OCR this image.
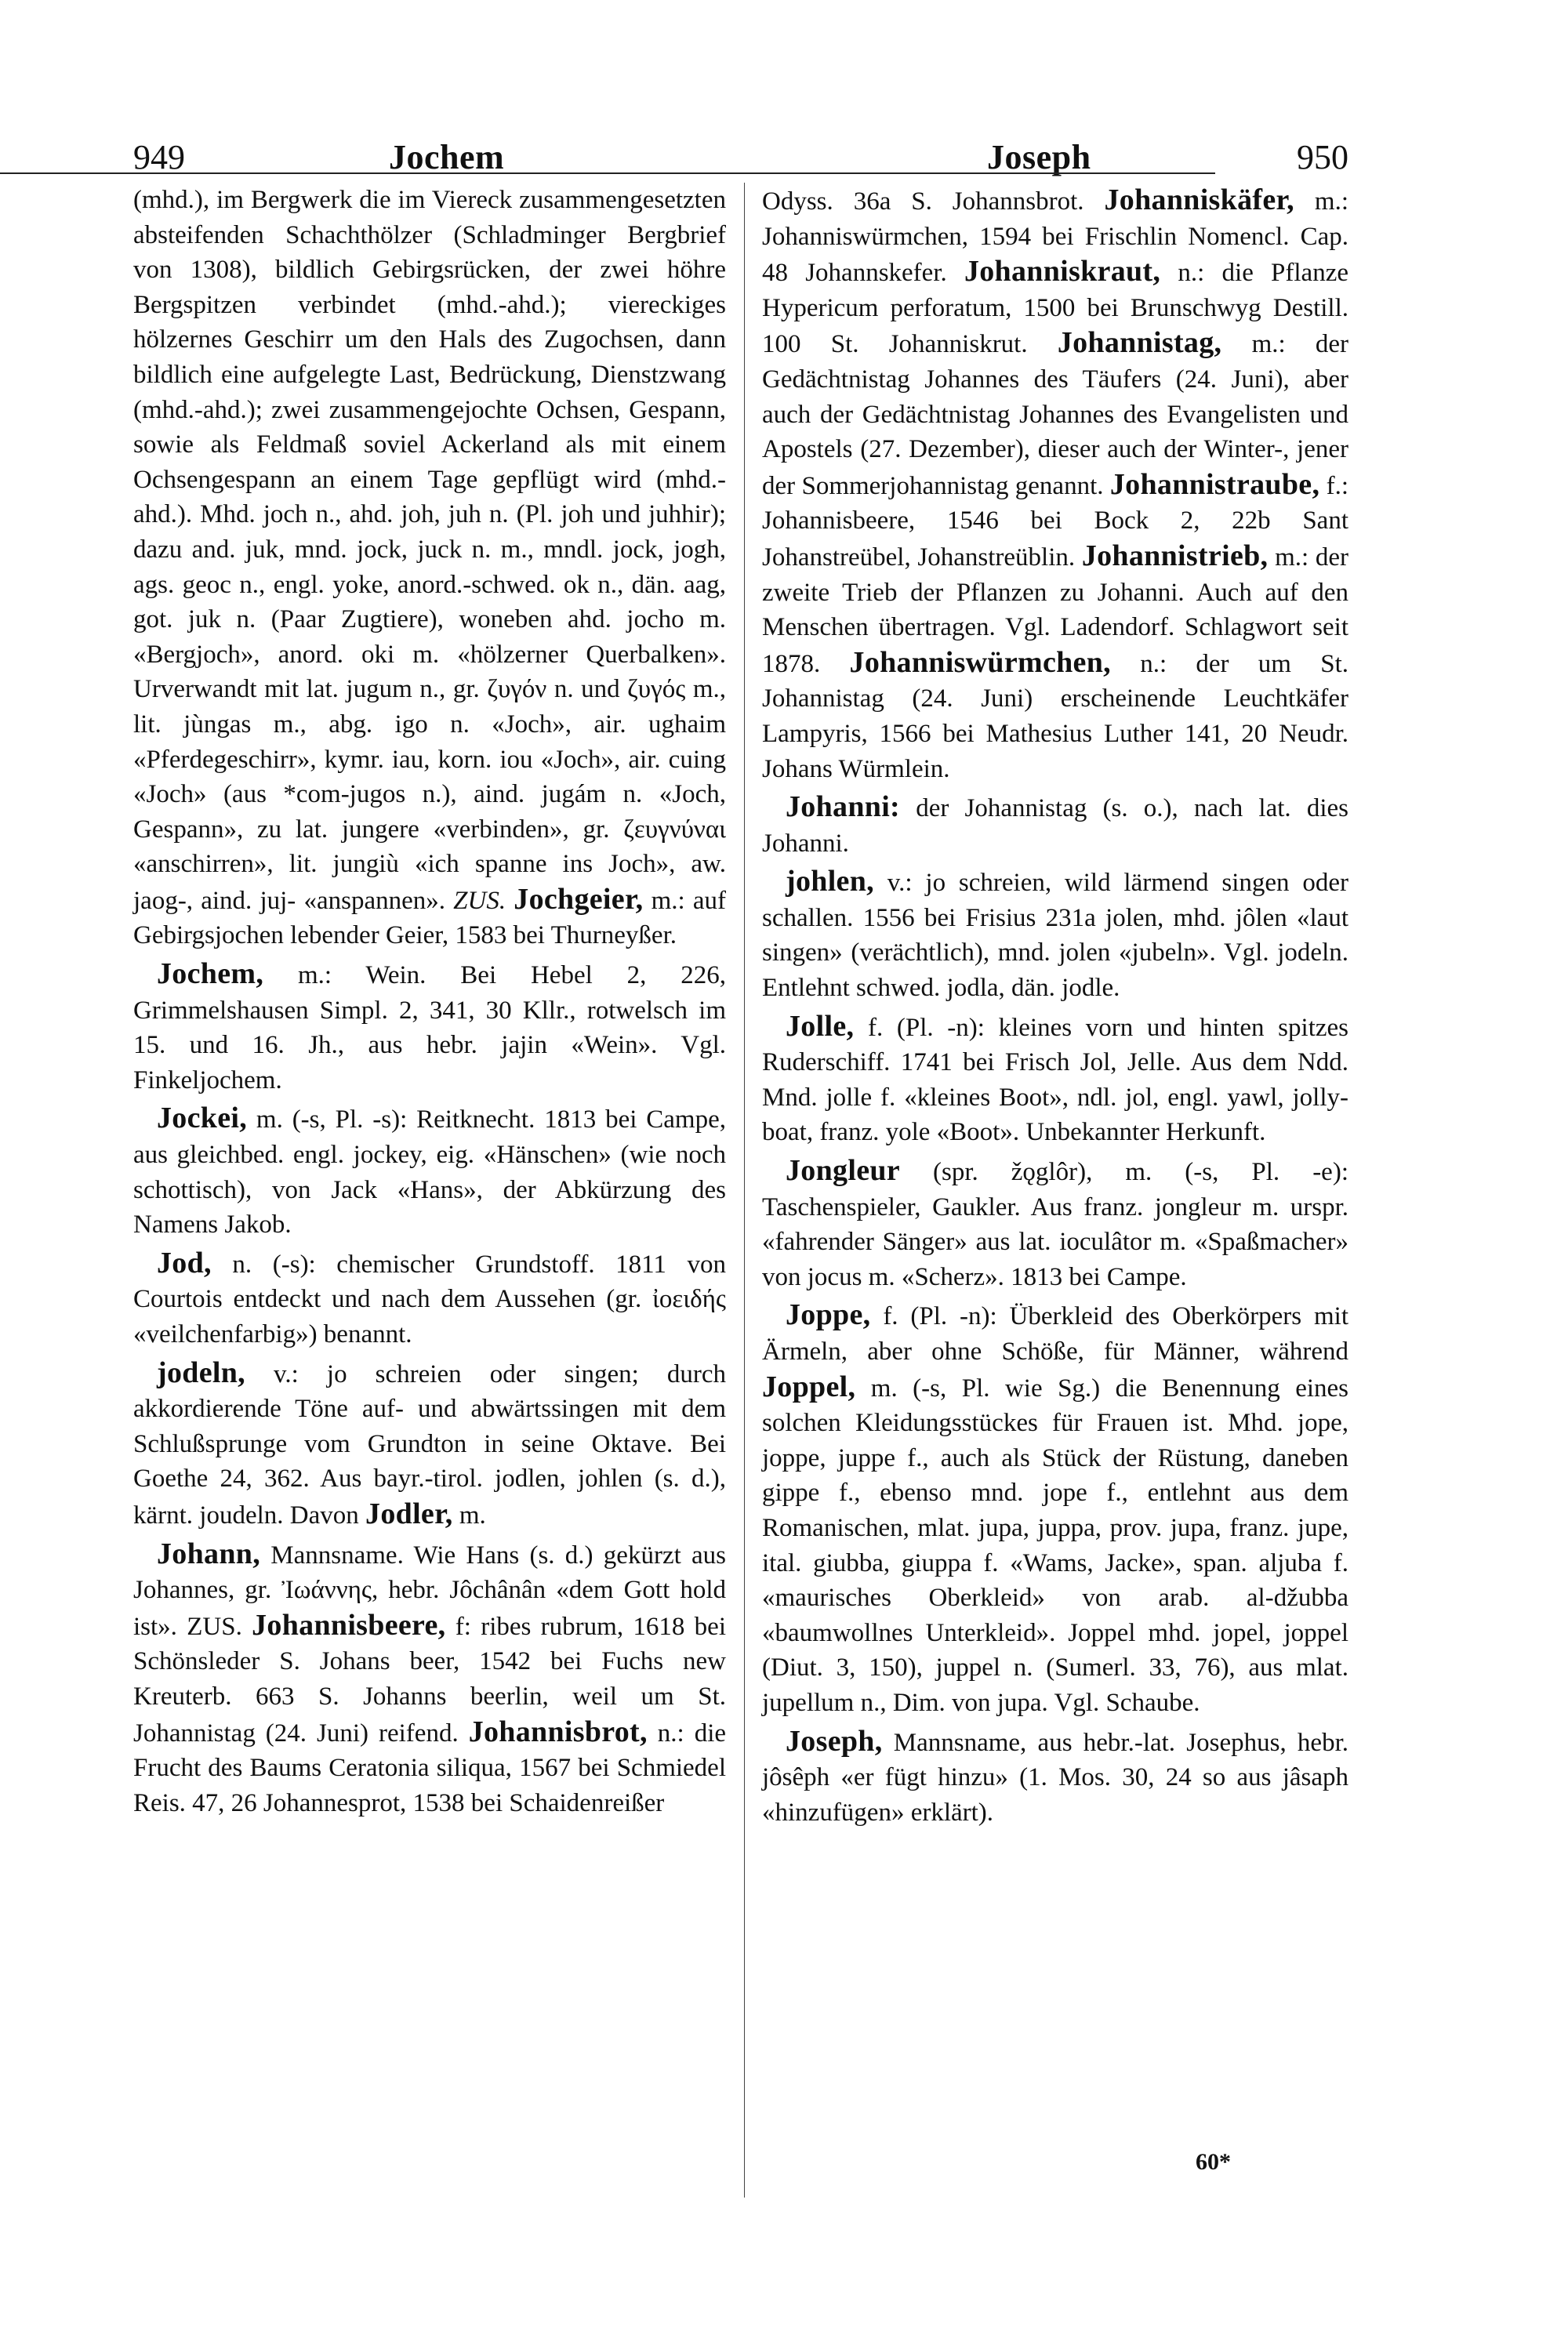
949	Jochem	Joseph	950

(mhd.), im Bergwerk die im Viereck zusammengesetzten absteifenden Schachthölzer (Schladminger Bergbrief von 1308), bildlich Gebirgsrücken, der zwei höhre Bergspitzen verbindet (mhd.-ahd.); viereckiges hölzernes Geschirr um den Hals des Zugochsen, dann bildlich eine aufgelegte Last, Bedrückung, Dienstzwang (mhd.-ahd.); zwei zusammengejochte Ochsen, Gespann, sowie als Feldmaß soviel Ackerland als mit einem Ochsengespann an einem Tage gepflügt wird (mhd.-ahd.). Mhd. joch n., ahd. joh, juh n. (Pl. joh und juhhir); dazu and. juk, mnd. jock, juck n. m., mndl. jock, jogh, ags. geoc n., engl. yoke, anord.-schwed. ok n., dän. aag, got. juk n. (Paar Zugtiere), woneben ahd. jocho m. «Bergjoch», anord. oki m. «hölzerner Querbalken». Urverwandt mit lat. jugum n., gr. ζυγόν n. und ζυγός m., lit. jùngas m., abg. igo n. «Joch», air. ughaim «Pferdegeschirr», kymr. iau, korn. iou «Joch», air. cuing «Joch» (aus *com-jugos n.), aind. jugám n. «Joch, Gespann», zu lat. jungere «verbinden», gr. ζευγνύναι «anschirren», lit. jungiù «ich spanne ins Joch», aw. jaog-, aind. juj- «anspannen». ZUS. Jochgeier, m.: auf Gebirgsjochen lebender Geier, 1583 bei Thurneyßer.

Jochem, m.: Wein. Bei Hebel 2, 226, Grimmelshausen Simpl. 2, 341, 30 Kllr., rotwelsch im 15. und 16. Jh., aus hebr. jajin «Wein». Vgl. Finkeljochem.

Jockei, m. (-s, Pl. -s): Reitknecht. 1813 bei Campe, aus gleichbed. engl. jockey, eig. «Hänschen» (wie noch schottisch), von Jack «Hans», der Abkürzung des Namens Jakob.

Jod, n. (-s): chemischer Grundstoff. 1811 von Courtois entdeckt und nach dem Aussehen (gr. ἰοειδής «veilchenfarbig») benannt.

jodeln, v.: jo schreien oder singen; durch akkordierende Töne auf- und abwärtssingen mit dem Schlußsprunge vom Grundton in seine Oktave. Bei Goethe 24, 362. Aus bayr.-tirol. jodlen, johlen (s. d.), kärnt. joudeln. Davon Jodler, m.

Johann, Mannsname. Wie Hans (s. d.) gekürzt aus Johannes, gr. Ἰωάννης, hebr. Jôchânân «dem Gott hold ist». ZUS. Johannisbeere, f: ribes rubrum, 1618 bei Schönsleder S. Johans beer, 1542 bei Fuchs new Kreuterb. 663 S. Johanns beerlin, weil um St. Johannistag (24. Juni) reifend. Johannisbrot, n.: die Frucht des Baums Ceratonia siliqua, 1567 bei Schmiedel Reis. 47, 26 Johannesprot, 1538 bei Schaidenreißer

Odyss. 36a S. Johannsbrot. Johanniskäfer, m.: Johanniswürmchen, 1594 bei Frischlin Nomencl. Cap. 48 Johannskefer. Johanniskraut, n.: die Pflanze Hypericum perforatum, 1500 bei Brunschwyg Destill. 100 St. Johanniskrut. Johannistag, m.: der Gedächtnistag Johannes des Täufers (24. Juni), aber auch der Gedächtnistag Johannes des Evangelisten und Apostels (27. Dezember), dieser auch der Winter-, jener der Sommerjohannistag genannt. Johannistraube, f.: Johannisbeere, 1546 bei Bock 2, 22b Sant Johanstreübel, Johanstreüblin. Johannistrieb, m.: der zweite Trieb der Pflanzen zu Johanni. Auch auf den Menschen übertragen. Vgl. Ladendorf. Schlagwort seit 1878. Johanniswürmchen, n.: der um St. Johannistag (24. Juni) erscheinende Leuchtkäfer Lampyris, 1566 bei Mathesius Luther 141, 20 Neudr. Johans Würmlein.

Johanni: der Johannistag (s. o.), nach lat. dies Johanni.

johlen, v.: jo schreien, wild lärmend singen oder schallen. 1556 bei Frisius 231a jolen, mhd. jôlen «laut singen» (verächtlich), mnd. jolen «jubeln». Vgl. jodeln. Entlehnt schwed. jodla, dän. jodle.

Jolle, f. (Pl. -n): kleines vorn und hinten spitzes Ruderschiff. 1741 bei Frisch Jol, Jelle. Aus dem Ndd. Mnd. jolle f. «kleines Boot», ndl. jol, engl. yawl, jolly-boat, franz. yole «Boot». Unbekannter Herkunft.

Jongleur (spr. žǫglôr), m. (-s, Pl. -e): Taschenspieler, Gaukler. Aus franz. jongleur m. urspr. «fahrender Sänger» aus lat. ioculâtor m. «Spaßmacher» von jocus m. «Scherz». 1813 bei Campe.

Joppe, f. (Pl. -n): Überkleid des Oberkörpers mit Ärmeln, aber ohne Schöße, für Männer, während Joppel, m. (-s, Pl. wie Sg.) die Benennung eines solchen Kleidungsstückes für Frauen ist. Mhd. jope, joppe, juppe f., auch als Stück der Rüstung, daneben gippe f., ebenso mnd. jope f., entlehnt aus dem Romanischen, mlat. jupa, juppa, prov. jupa, franz. jupe, ital. giubba, giuppa f. «Wams, Jacke», span. aljuba f. «maurisches Oberkleid» von arab. al-džubba «baumwollnes Unterkleid». Joppel mhd. jopel, joppel (Diut. 3, 150), juppel n. (Sumerl. 33, 76), aus mlat. jupellum n., Dim. von jupa. Vgl. Schaube.

Joseph, Mannsname, aus hebr.-lat. Josephus, hebr. jôsêph «er fügt hinzu» (1. Mos. 30, 24 so aus jâsaph «hinzufügen» erklärt).

60*
